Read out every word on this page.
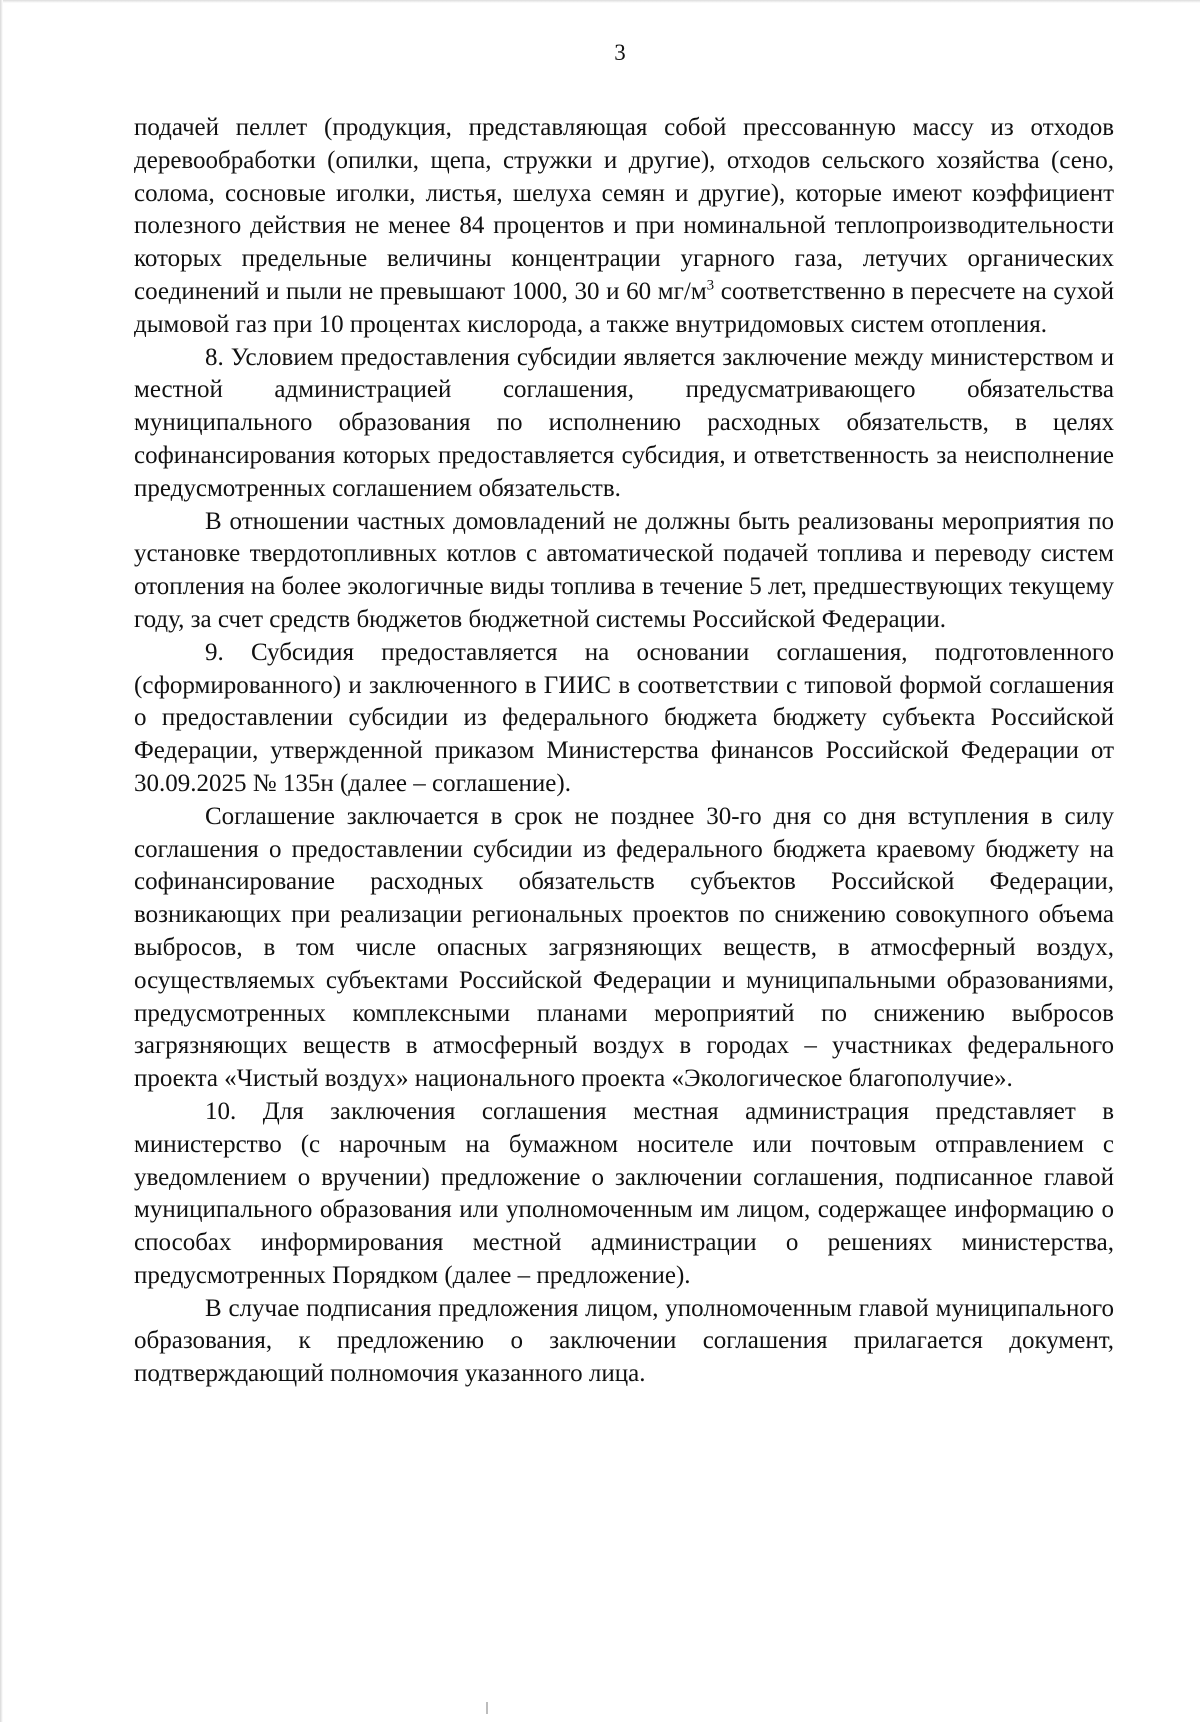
3

подачей пеллет (продукция, представляющая собой прессованную массу из отходов деревообработки (опилки, щепа, стружки и другие), отходов сельского хозяйства (сено, солома, сосновые иголки, листья, шелуха семян и другие), которые имеют коэффициент полезного действия не менее 84 процентов и при номинальной теплопроизводительности которых предельные величины концентрации угарного газа, летучих органических соединений и пыли не превышают 1000, 30 и 60 $мг/м^3$ соответственно в пересчете на сухой дымовой газ при 10 процентах кислорода, а также внутридомовых систем отопления.

8. Условием предоставления субсидии является заключение между министерством и местной администрацией соглашения, предусматривающего обязательства муниципального образования по исполнению расходных обязательств, в целях софинансирования которых предоставляется субсидия, и ответственность за неисполнение предусмотренных соглашением обязательств.

В отношении частных домовладений не должны быть реализованы мероприятия по установке твердотопливных котлов с автоматической подачей топлива и переводу систем отопления на более экологичные виды топлива в течение 5 лет, предшествующих текущему году, за счет средств бюджетов бюджетной системы Российской Федерации.

9. Субсидия предоставляется на основании соглашения, подготовленного (сформированного) и заключенного в ГИИС в соответствии с типовой формой соглашения о предоставлении субсидии из федерального бюджета бюджету субъекта Российской Федерации, утвержденной приказом Министерства финансов Российской Федерации от 30.09.2025 № 135н (далее – соглашение).

Соглашение заключается в срок не позднее 30-го дня со дня вступления в силу соглашения о предоставлении субсидии из федерального бюджета краевому бюджету на софинансирование расходных обязательств субъектов Российской Федерации, возникающих при реализации региональных проектов по снижению совокупного объема выбросов, в том числе опасных загрязняющих веществ, в атмосферный воздух, осуществляемых субъектами Российской Федерации и муниципальными образованиями, предусмотренных комплексными планами мероприятий по снижению выбросов загрязняющих веществ в атмосферный воздух в городах – участниках федерального проекта «Чистый воздух» национального проекта «Экологическое благополучие».

10. Для заключения соглашения местная администрация представляет в министерство (с нарочным на бумажном носителе или почтовым отправлением с уведомлением о вручении) предложение о заключении соглашения, подписанное главой муниципального образования или уполномоченным им лицом, содержащее информацию о способах информирования местной администрации о решениях министерства, предусмотренных Порядком (далее – предложение).

В случае подписания предложения лицом, уполномоченным главой муниципального образования, к предложению о заключении соглашения прилагается документ, подтверждающий полномочия указанного лица.
